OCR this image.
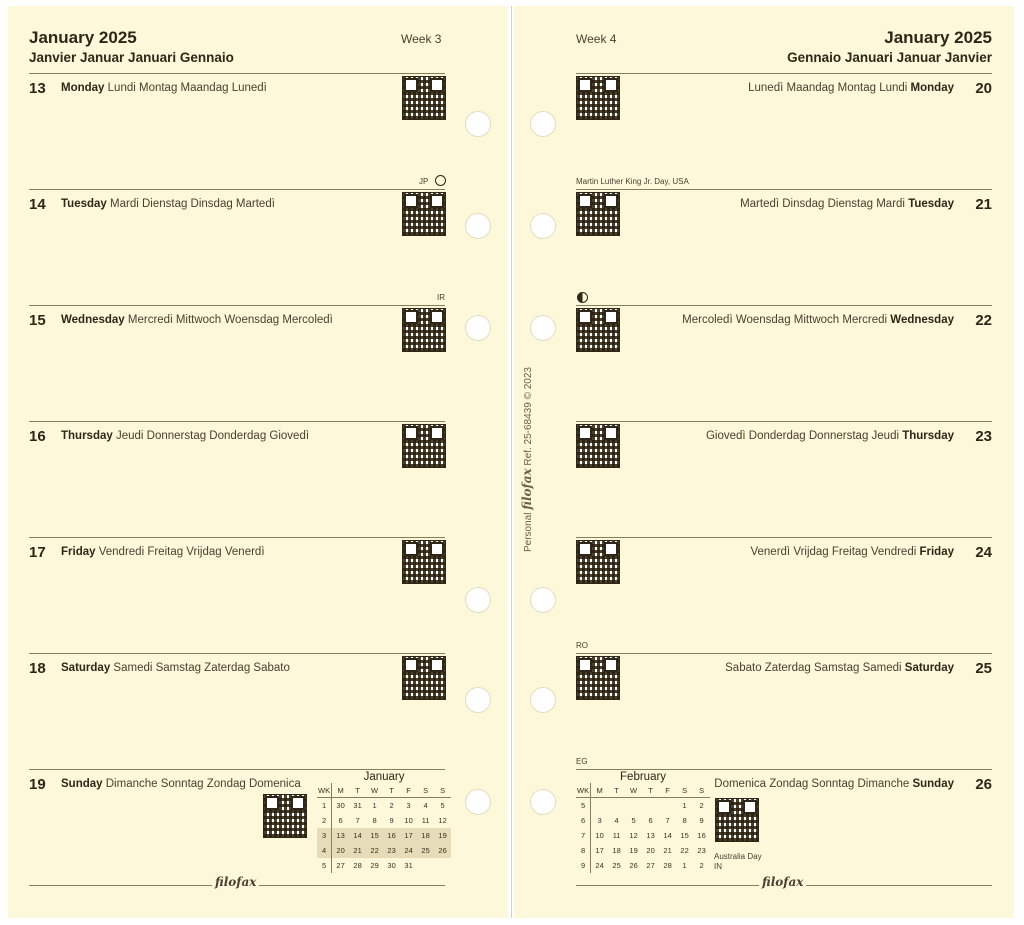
January 2025
Janvier Januar Januari Gennaio
Week 3
13 Monday Lundi Montag Maandag Lunedì
JP
14 Tuesday Mardi Dienstag Dinsdag Martedì
IR
15 Wednesday Mercredi Mittwoch Woensdag Mercoledì
16 Thursday Jeudi Donnerstag Donderdag Giovedì
17 Friday Vendredi Freitag Vrijdag Venerdì
18 Saturday Samedi Samstag Zaterdag Sabato
19 Sunday Dimanche Sonntag Zondag Domenica
January
WK	M	T	W	T	F	S	S
1	30	31	1	2	3	4	5
2	6	7	8	9	10	11	12
3	13	14	15	16	17	18	19
4	20	21	22	23	24	25	26
5	27	28	29	30	31		
filofax
Week 4	January 2025
Gennaio Januari Januar Janvier
Lunedì Maandag Montag Lundi Monday 20
Martin Luther King Jr. Day, USA
Martedì Dinsdag Dienstag Mardi Tuesday 21
Mercoledì Woensdag Mittwoch Mercredi Wednesday 22
Giovedì Donderdag Donnerstag Jeudi Thursday 23
Venerdì Vrijdag Freitag Vendredi Friday 24
RO
Sabato Zaterdag Samstag Samedi Saturday 25
EG
February
WK	M	T	W	T	F	S	S
5						1	2
6	3	4	5	6	7	8	9
7	10	11	12	13	14	15	16
8	17	18	19	20	21	22	23
9	24	25	26	27	28	1	2
Australia Day
IN
Domenica Zondag Sonntag Dimanche Sunday 26
filofax
Personal filofax Ref. 25-68439 © 2023
